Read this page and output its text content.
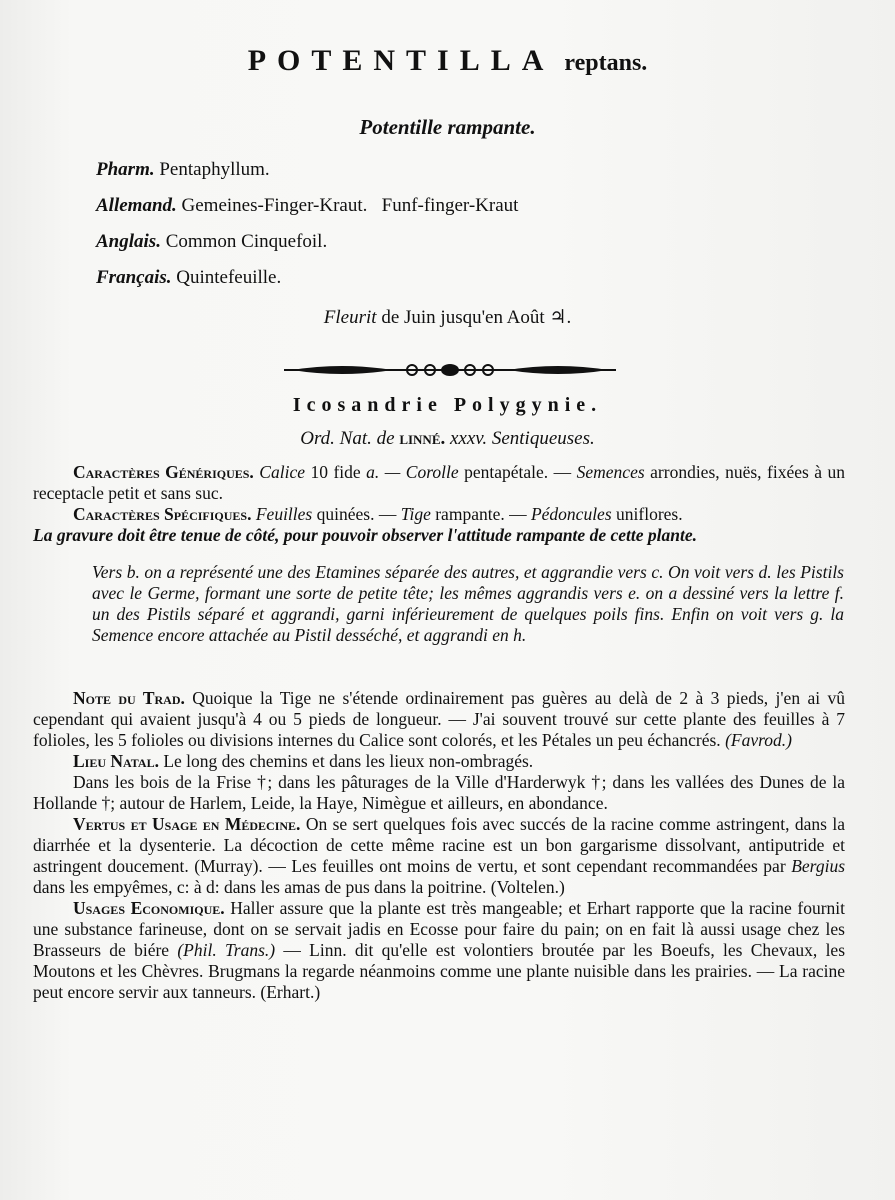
POTENTILLA reptans.
Potentille rampante.
Pharm. Pentaphyllum.
Allemand. Gemeines-Finger-Kraut.   Funf-finger-Kraut
Anglais. Common Cinquefoil.
Français. Quintefeuille.
Fleurit de Juin jusqu'en Août ♃.
Icosandrie Polygynie.
Ord. Nat. de linné. xxxv. Sentiqueuses.

Caractères Génériques. Calice 10 fide a. — Corolle pentapétale. — Semences arrondies, nuës, fixées à un receptacle petit et sans suc.

Caractères Spécifiques. Feuilles quinées. — Tige rampante. — Pédoncules uniflores.

La gravure doit être tenue de côté, pour pouvoir observer l'attitude rampante de cette plante.

Vers b. on a représenté une des Etamines séparée des autres, et aggrandie vers c. On voit vers d. les Pistils avec le Germe, formant une sorte de petite tête; les mêmes aggrandis vers e. on a dessiné vers la lettre f. un des Pistils séparé et aggrandi, garni inférieurement de quelques poils fins. Enfin on voit vers g. la Semence encore attachée au Pistil desséché, et aggrandi en h.

Note du Trad. Quoique la Tige ne s'étende ordinairement pas guères au delà de 2 à 3 pieds, j'en ai vû cependant qui avaient jusqu'à 4 ou 5 pieds de longueur. — J'ai souvent trouvé sur cette plante des feuilles à 7 folioles, les 5 folioles ou divisions internes du Calice sont colorés, et les Pétales un peu échancrés. (Favrod.)

Lieu Natal. Le long des chemins et dans les lieux non-ombragés.

Dans les bois de la Frise †; dans les pâturages de la Ville d'Harderwyk †; dans les vallées des Dunes de la Hollande †; autour de Harlem, Leide, la Haye, Nimègue et ailleurs, en abondance.

Vertus et Usage en Médecine. On se sert quelques fois avec succés de la racine comme astringent, dans la diarrhée et la dysenterie. La décoction de cette même racine est un bon gargarisme dissolvant, antiputride et astringent doucement. (Murray). — Les feuilles ont moins de vertu, et sont cependant recommandées par Bergius dans les empyêmes, c: à d: dans les amas de pus dans la poitrine. (Voltelen.)

Usages Economique. Haller assure que la plante est très mangeable; et Erhart rapporte que la racine fournit une substance farineuse, dont on se servait jadis en Ecosse pour faire du pain; on en fait là aussi usage chez les Brasseurs de biére (Phil. Trans.) — Linn. dit qu'elle est volontiers broutée par les Boeufs, les Chevaux, les Moutons et les Chèvres. Brugmans la regarde néanmoins comme une plante nuisible dans les prairies. — La racine peut encore servir aux tanneurs. (Erhart.)
